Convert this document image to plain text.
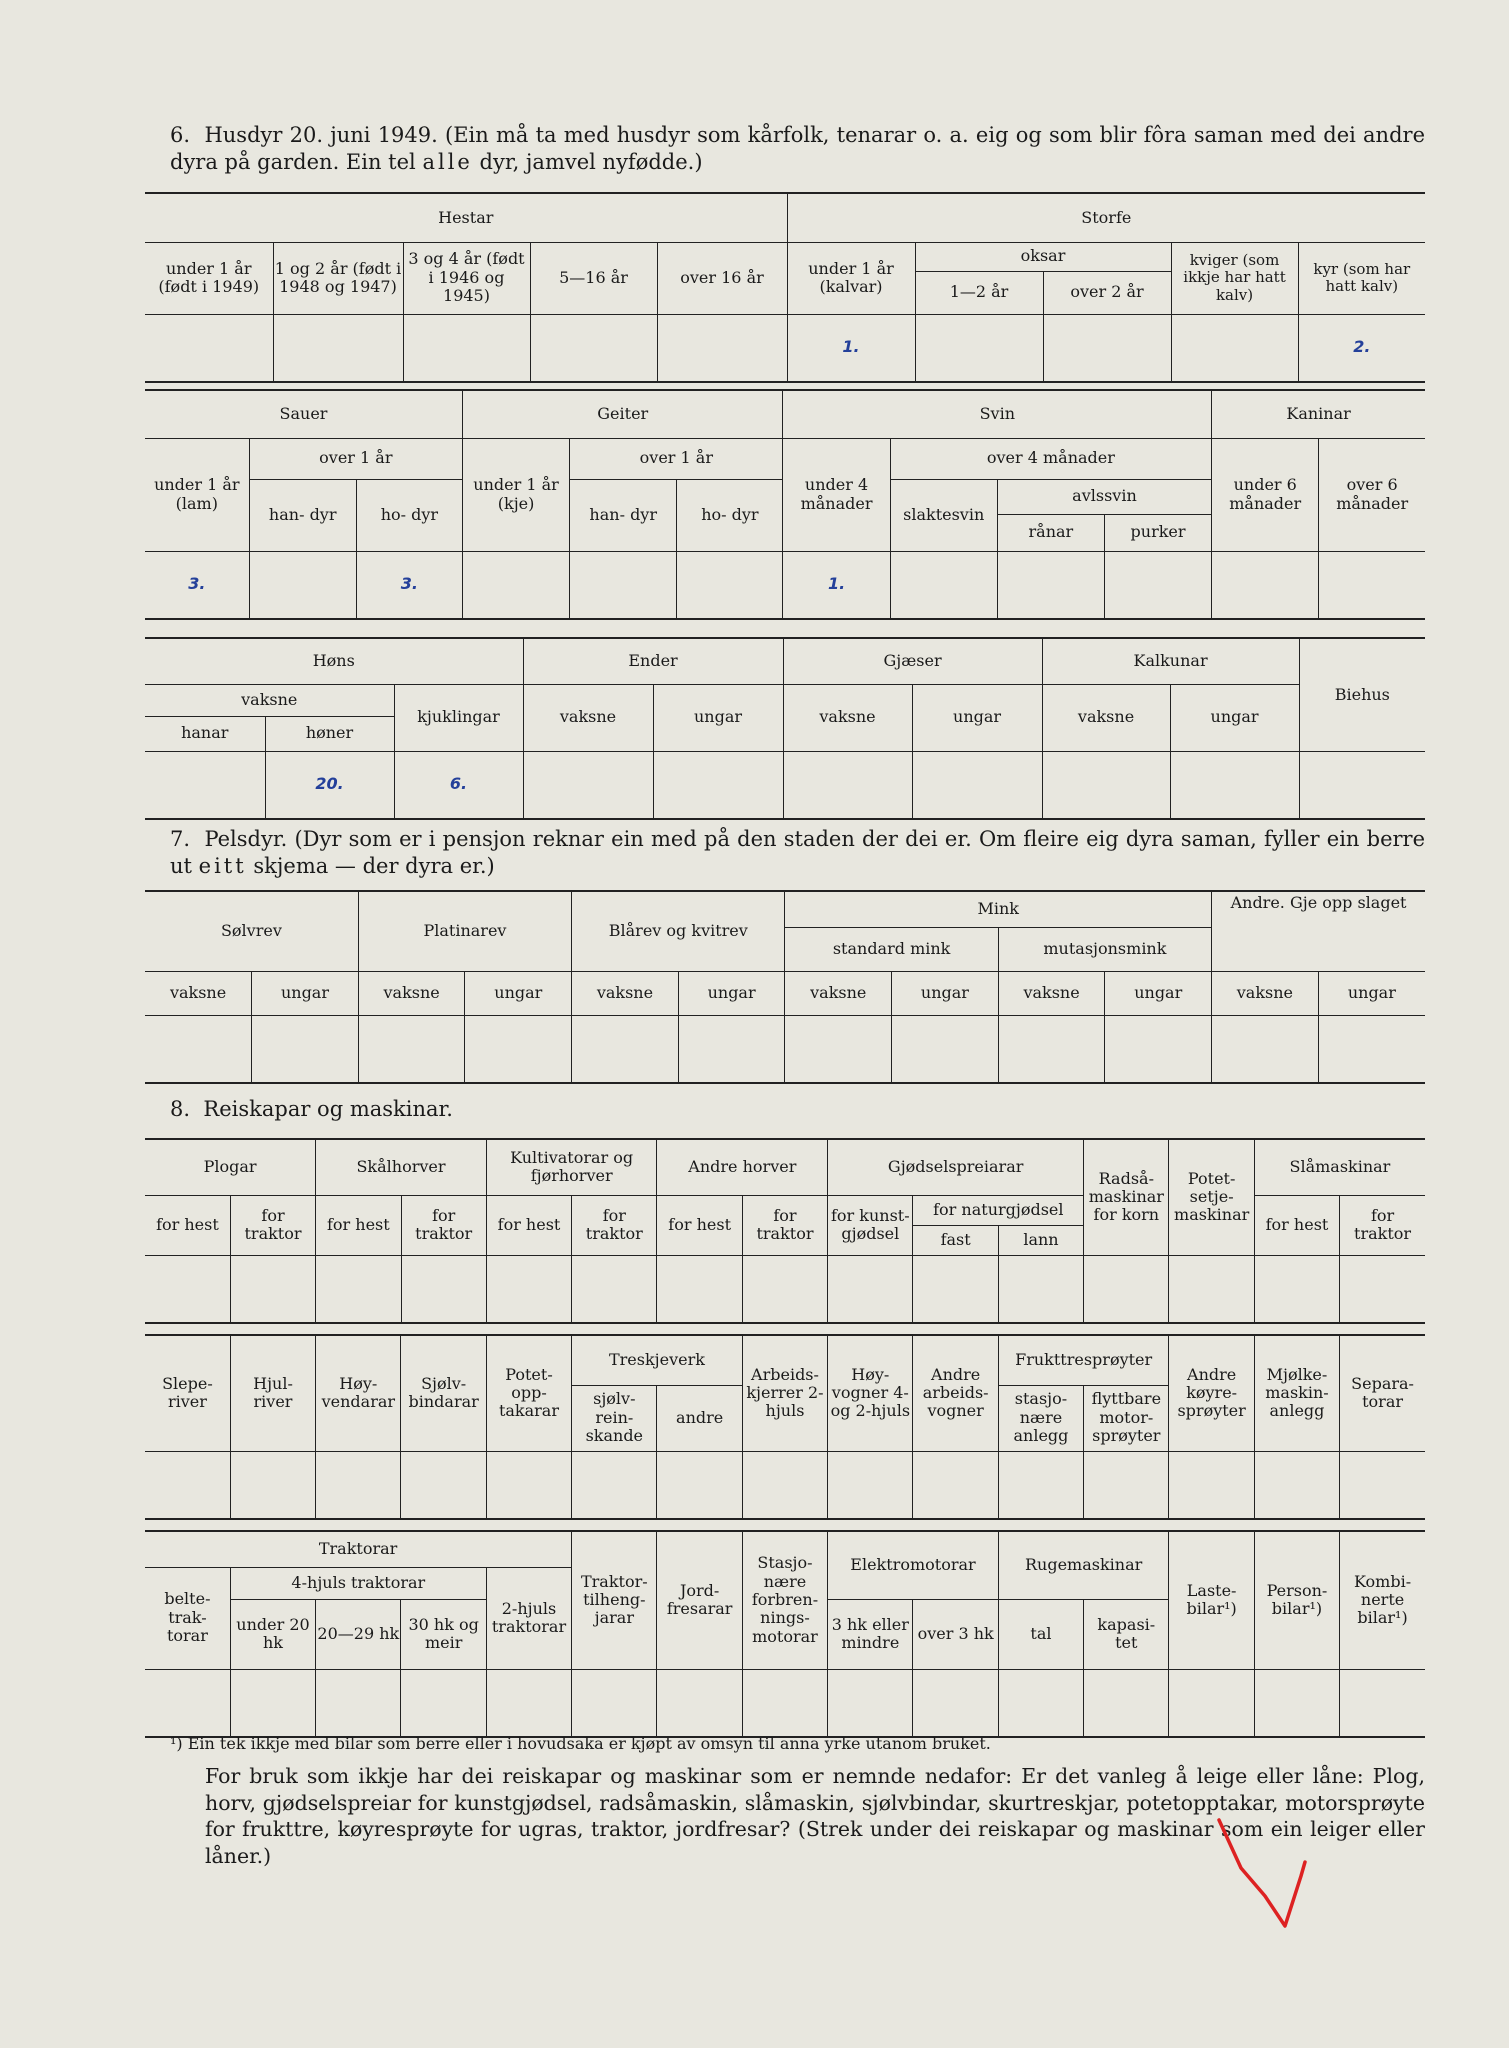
6. Husdyr 20. juni 1949. (Ein må ta med husdyr som kårfolk, tenarar o. a. eig og som blir fôra saman med dei andre dyra på garden. Ein tel alle dyr, jamvel nyfødde.)
Hestar					Storfe				
under 1 år (født i 1949)	1 og 2 år (født i 1948 og 1947)	3 og 4 år (født i 1946 og 1945)	5—16 år	over 16 år	under 1 år (kalvar)	oksar		kviger (som ikkje har hatt kalv)	kyr (som har hatt kalv)
						1—2 år	over 2 år		
					1.				2.
Sauer			Geiter			Svin				Kaninar	
under 1 år (lam)	over 1 år		under 1 år (kje)	over 1 år		under 4 månader	over 4 månader			under 6 månader	over 6 månader
	han- dyr	ho- dyr		han- dyr	ho- dyr		slaktesvin	avlssvin			
								rånar	purker		
3.		3.				1.					
Høns			Ender		Gjæser		Kalkunar		Biehus
vaksne		kjuklingar	vaksne	ungar	vaksne	ungar	vaksne	ungar	
hanar	høner								
	20.	6.							
7. Pelsdyr. (Dyr som er i pensjon reknar ein med på den staden der dei er. Om fleire eig dyra saman, fyller ein berre ut eitt skjema — der dyra er.)
Sølvrev		Platinarev		Blårev og kvitrev		Mink				Andre. Gje opp slaget	
						standard mink		mutasjonsmink			
vaksne	ungar	vaksne	ungar	vaksne	ungar	vaksne	ungar	vaksne	ungar	vaksne	ungar

8. Reiskapar og maskinar.
Plogar		Skålhorver		Kultivatorar og fjørhorver		Andre horver		Gjødselspreiarar			Radså- maskinar for korn	Potet- setje- maskinar	Slåmaskinar	
for hest	for traktor	for hest	for traktor	for hest	for traktor	for hest	for traktor	for kunst- gjødsel	for naturgjødsel				for hest	for traktor
									fast	lann				

Slepe- river	Hjul- river	Høy- vendarar	Sjølv- bindarar	Potet- opp- takarar	Treskjeverk		Arbeids- kjerrer 2-hjuls	Høy- vogner 4- og 2-hjuls	Andre arbeids- vogner	Frukttresprøyter		Andre køyre- sprøyter	Mjølke- maskin- anlegg	Separa- torar
					sjølv- rein- skande	andre				stasjo- nære anlegg	flyttbare motor- sprøyter			

Traktorar					Traktor- tilheng- jarar	Jord- fresarar	Stasjo- nære forbren- nings- motorar	Elektromotorar		Rugemaskinar		Laste- bilar¹)	Person- bilar¹)	Kombi- nerte bilar¹)
belte- trak- torar	4-hjuls traktorar			2-hjuls traktorar										
	under 20 hk	20—29 hk	30 hk og meir					3 hk eller mindre	over 3 hk	tal	kapasi- tet			

¹) Ein tek ikkje med bilar som berre eller i hovudsaka er kjøpt av omsyn til anna yrke utanom bruket.
For bruk som ikkje har dei reiskapar og maskinar som er nemnde nedafor: Er det vanleg å leige eller låne: Plog, horv, gjødselspreiar for kunstgjødsel, radsåmaskin, slåmaskin, sjølvbindar, skurtreskjar, potetopptakar, motorsprøyte for frukttre, køyresprøyte for ugras, traktor, jordfresar? (Strek under dei reiskapar og maskinar som ein leiger eller låner.)
